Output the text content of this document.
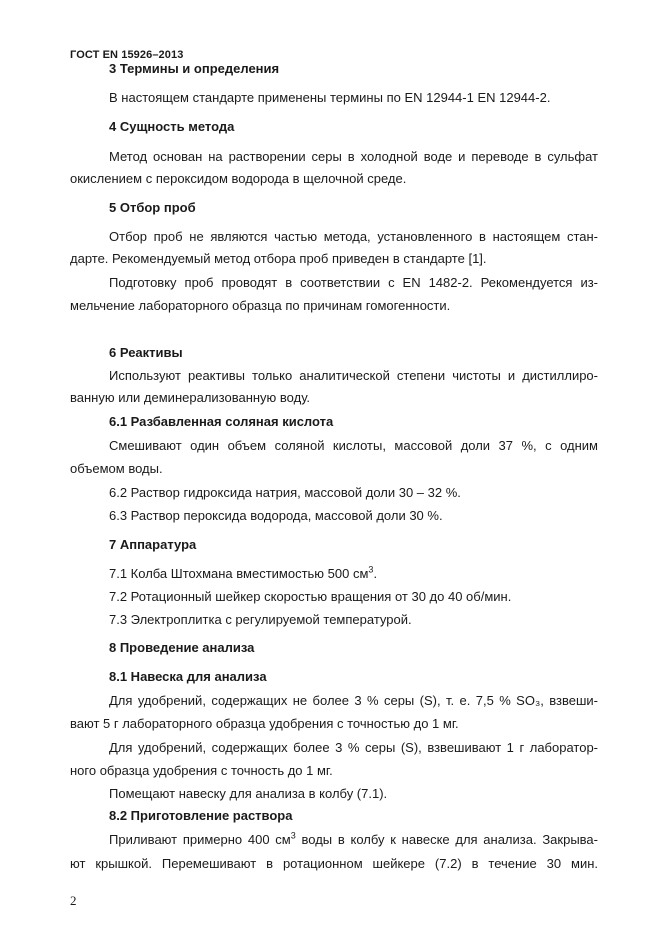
ГОСТ EN 15926–2013
3 Термины и определения
В настоящем стандарте применены термины по EN 12944-1 EN 12944-2.
4 Сущность метода
Метод основан на растворении серы в холодной воде и переводе в сульфат
окислением с пероксидом водорода в щелочной среде.
5 Отбор проб
Отбор проб не являются частью метода, установленного в настоящем стан-
дарте. Рекомендуемый метод отбора проб приведен в стандарте [1].
Подготовку проб проводят в соответствии с EN 1482-2. Рекомендуется из-
мельчение лабораторного образца по причинам гомогенности.
6 Реактивы
Используют реактивы только аналитической степени чистоты и дистиллиро-
ванную или деминерализованную воду.
6.1 Разбавленная соляная кислота
Смешивают один объем соляной кислоты, массовой доли 37 %, с одним
объемом воды.
6.2 Раствор гидроксида натрия, массовой доли 30 – 32 %.
6.3 Раствор пероксида водорода, массовой доли 30 %.
7 Аппаратура
7.1 Колба Штохмана вместимостью 500 $см^3$.
7.2 Ротационный шейкер скоростью вращения от 30 до 40 об/мин.
7.3 Электроплитка с регулируемой температурой.
8 Проведение анализа
8.1 Навеска для анализа
Для удобрений, содержащих не более 3 % серы (S), т. е. 7,5 % SO₃, взвеши-
вают 5 г лабораторного образца удобрения с точностью до 1 мг.
Для удобрений, содержащих более 3 % серы (S), взвешивают 1 г лаборатор-
ного образца удобрения с точность до 1 мг.
Помещают навеску для анализа в колбу (7.1).
8.2 Приготовление раствора
Приливают примерно 400 $см^3$ воды в колбу к навеске для анализа. Закрыва-
ют крышкой. Перемешивают в ротационном шейкере (7.2) в течение 30 мин.
2
